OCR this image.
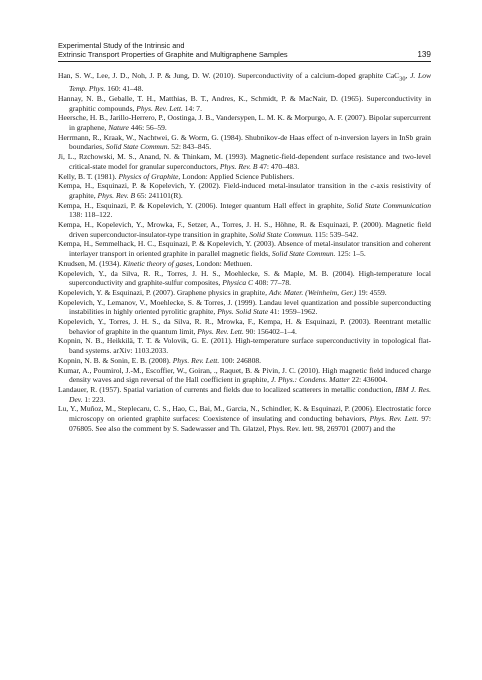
Experimental Study of the Intrinsic and
Extrinsic Transport Properties of Graphite and Multigraphene Samples	139

Han, S. W., Lee, J. D., Noh, J. P. & Jung, D. W. (2010). Superconductivity of a calcium-doped graphite CaC$_{30}$, J. Low Temp. Phys. 160: 41–48.

Hannay, N. B., Geballe, T. H., Matthias, B. T., Andres, K., Schmidt, P. & MacNair, D. (1965). Superconductivity in graphitic compounds, Phys. Rev. Lett. 14: 7.

Heersche, H. B., Jarillo-Herrero, P., Oostinga, J. B., Vandersypen, L. M. K. & Morpurgo, A. F. (2007). Bipolar supercurrent in graphene, Nature 446: 56–59.

Herrmann, R., Kraak, W., Nachtwei, G. & Worm, G. (1984). Shubnikov-de Haas effect of n-inversion layers in InSb grain boundaries, Solid State Commun. 52: 843–845.

Ji, L., Rzchowski, M. S., Anand, N. & Thinkam, M. (1993). Magnetic-field-dependent surface resistance and two-level critical-state model for granular superconductors, Phys. Rev. B 47: 470–483.

Kelly, B. T. (1981). Physics of Graphite, London: Applied Science Publishers.

Kempa, H., Esquinazi, P. & Kopelevich, Y. (2002). Field-induced metal-insulator transition in the c-axis resistivity of graphite, Phys. Rev. B 65: 241101(R).

Kempa, H., Esquinazi, P. & Kopelevich, Y. (2006). Integer quantum Hall effect in graphite, Solid State Communication 138: 118–122.

Kempa, H., Kopelevich, Y., Mrowka, F., Setzer, A., Torres, J. H. S., Höhne, R. & Esquinazi, P. (2000). Magnetic field driven superconductor-insulator-type transition in graphite, Solid State Commun. 115: 539–542.

Kempa, H., Semmelhack, H. C., Esquinazi, P. & Kopelevich, Y. (2003). Absence of metal-insulator transition and coherent interlayer transport in oriented graphite in parallel magnetic fields, Solid State Commun. 125: 1–5.

Knudsen, M. (1934). Kinetic theory of gases, London: Methuen.

Kopelevich, Y., da Silva, R. R., Torres, J. H. S., Moehlecke, S. & Maple, M. B. (2004). High-temperature local superconductivity and graphite-sulfur composites, Physica C 408: 77–78.

Kopelevich, Y. & Esquinazi, P. (2007). Graphene physics in graphite, Adv. Mater. (Weinheim, Ger.) 19: 4559.

Kopelevich, Y., Lemanov, V., Moehlecke, S. & Torres, J. (1999). Landau level quantization and possible superconducting instabilities in highly oriented pyrolitic graphite, Phys. Solid State 41: 1959–1962.

Kopelevich, Y., Torres, J. H. S., da Silva, R. R., Mrowka, F., Kempa, H. & Esquinazi, P. (2003). Reentrant metallic behavior of graphite in the quantum limit, Phys. Rev. Lett. 90: 156402–1–4.

Kopnin, N. B., Heikkilä, T. T. & Volovik, G. E. (2011). High-temperature surface superconductivity in topological flat-band systems. arXiv: 1103.2033.

Kopnin, N. B. & Sonin, E. B. (2008). Phys. Rev. Lett. 100: 246808.

Kumar, A., Poumirol, J.-M., Escoffier, W., Goiran, ., Raquet, B. & Pivin, J. C. (2010). High magnetic field induced charge density waves and sign reversal of the Hall coefficient in graphite, J. Phys.: Condens. Matter 22: 436004.

Landauer, R. (1957). Spatial variation of currents and fields due to localized scatterers in metallic conduction, IBM J. Res. Dev. 1: 223.

Lu, Y., Muñoz, M., Steplecaru, C. S., Hao, C., Bai, M., Garcia, N., Schindler, K. & Esquinazi, P. (2006). Electrostatic force microscopy on oriented graphite surfaces: Coexistence of insulating and conducting behaviors, Phys. Rev. Lett. 97: 076805. See also the comment by S. Sadewasser and Th. Glatzel, Phys. Rev. lett. 98, 269701 (2007) and the
